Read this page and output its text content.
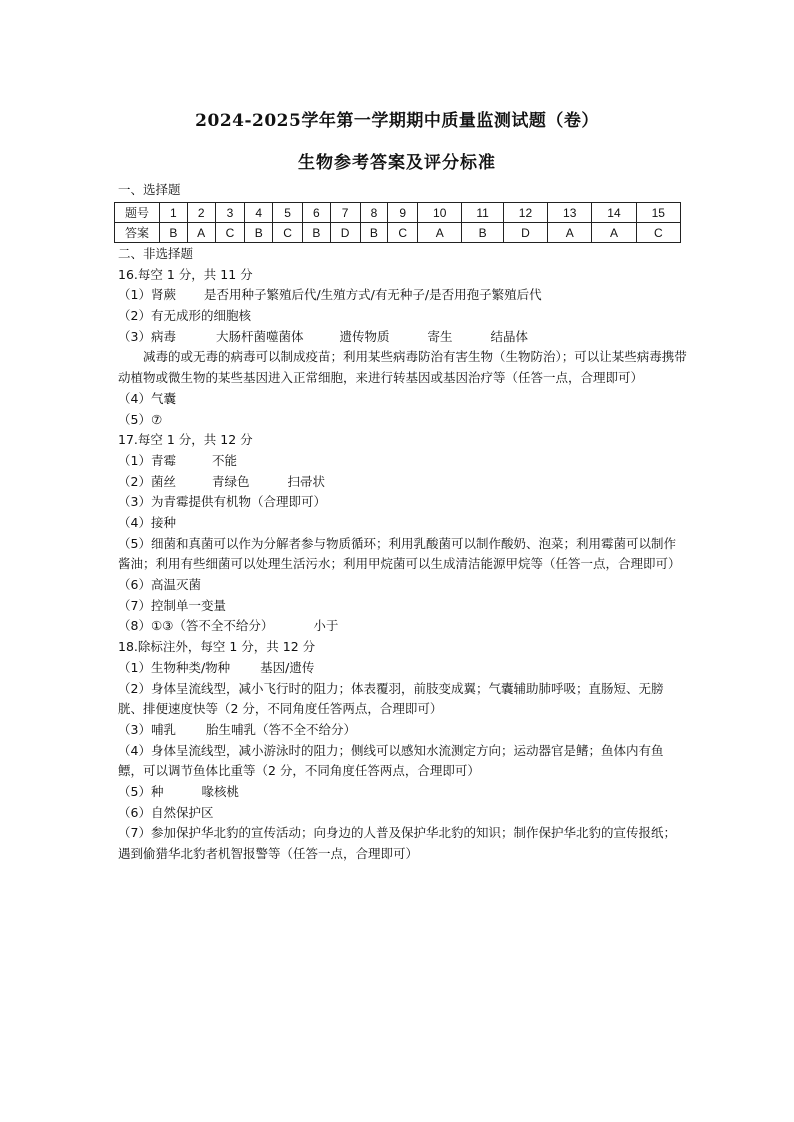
2024-2025学年第一学期期中质量监测试题（卷）
生物参考答案及评分标准
一、选择题
题号	1	2	3	4	5	6	7	8	9	10	11	12	13	14	15
答案	B	A	C	B	C	B	D	B	C	A	B	D	A	A	C
二、非选择题
16.每空 1 分，共 11 分
（1）肾蕨 是否用种子繁殖后代/生殖方式/有无种子/是否用孢子繁殖后代
（2）有无成形的细胞核
（3）病毒	大肠杆菌噬菌体	遗传物质	寄生	结晶体
减毒的或无毒的病毒可以制成疫苗；利用某些病毒防治有害生物（生物防治）；可以让某些病毒携带动植物或微生物的某些基因进入正常细胞，来进行转基因或基因治疗等（任答一点，合理即可）
（4）气囊
（5）⑦
17.每空 1 分，共 12 分
（1）青霉	不能
（2）菌丝	青绿色	扫帚状
（3）为青霉提供有机物（合理即可）
（4）接种
（5）细菌和真菌可以作为分解者参与物质循环；利用乳酸菌可以制作酸奶、泡菜；利用霉菌可以制作酱油；利用有些细菌可以处理生活污水；利用甲烷菌可以生成清洁能源甲烷等（任答一点，合理即可）
（6）高温灭菌
（7）控制单一变量
（8）①③（答不全不给分）	小于
18.除标注外，每空 1 分，共 12 分
（1）生物种类/物种 基因/遗传
（2）身体呈流线型，减小飞行时的阻力；体表覆羽，前肢变成翼；气囊辅助肺呼吸；直肠短、无膀胱、排便速度快等（2 分，不同角度任答两点，合理即可）
（3）哺乳 胎生哺乳（答不全不给分）
（4）身体呈流线型，减小游泳时的阻力；侧线可以感知水流测定方向；运动器官是鳍；鱼体内有鱼鳔，可以调节鱼体比重等（2 分，不同角度任答两点，合理即可）
（5）种	喙核桃
（6）自然保护区
（7）参加保护华北豹的宣传活动；向身边的人普及保护华北豹的知识；制作保护华北豹的宣传报纸；遇到偷猎华北豹者机智报警等（任答一点，合理即可）
